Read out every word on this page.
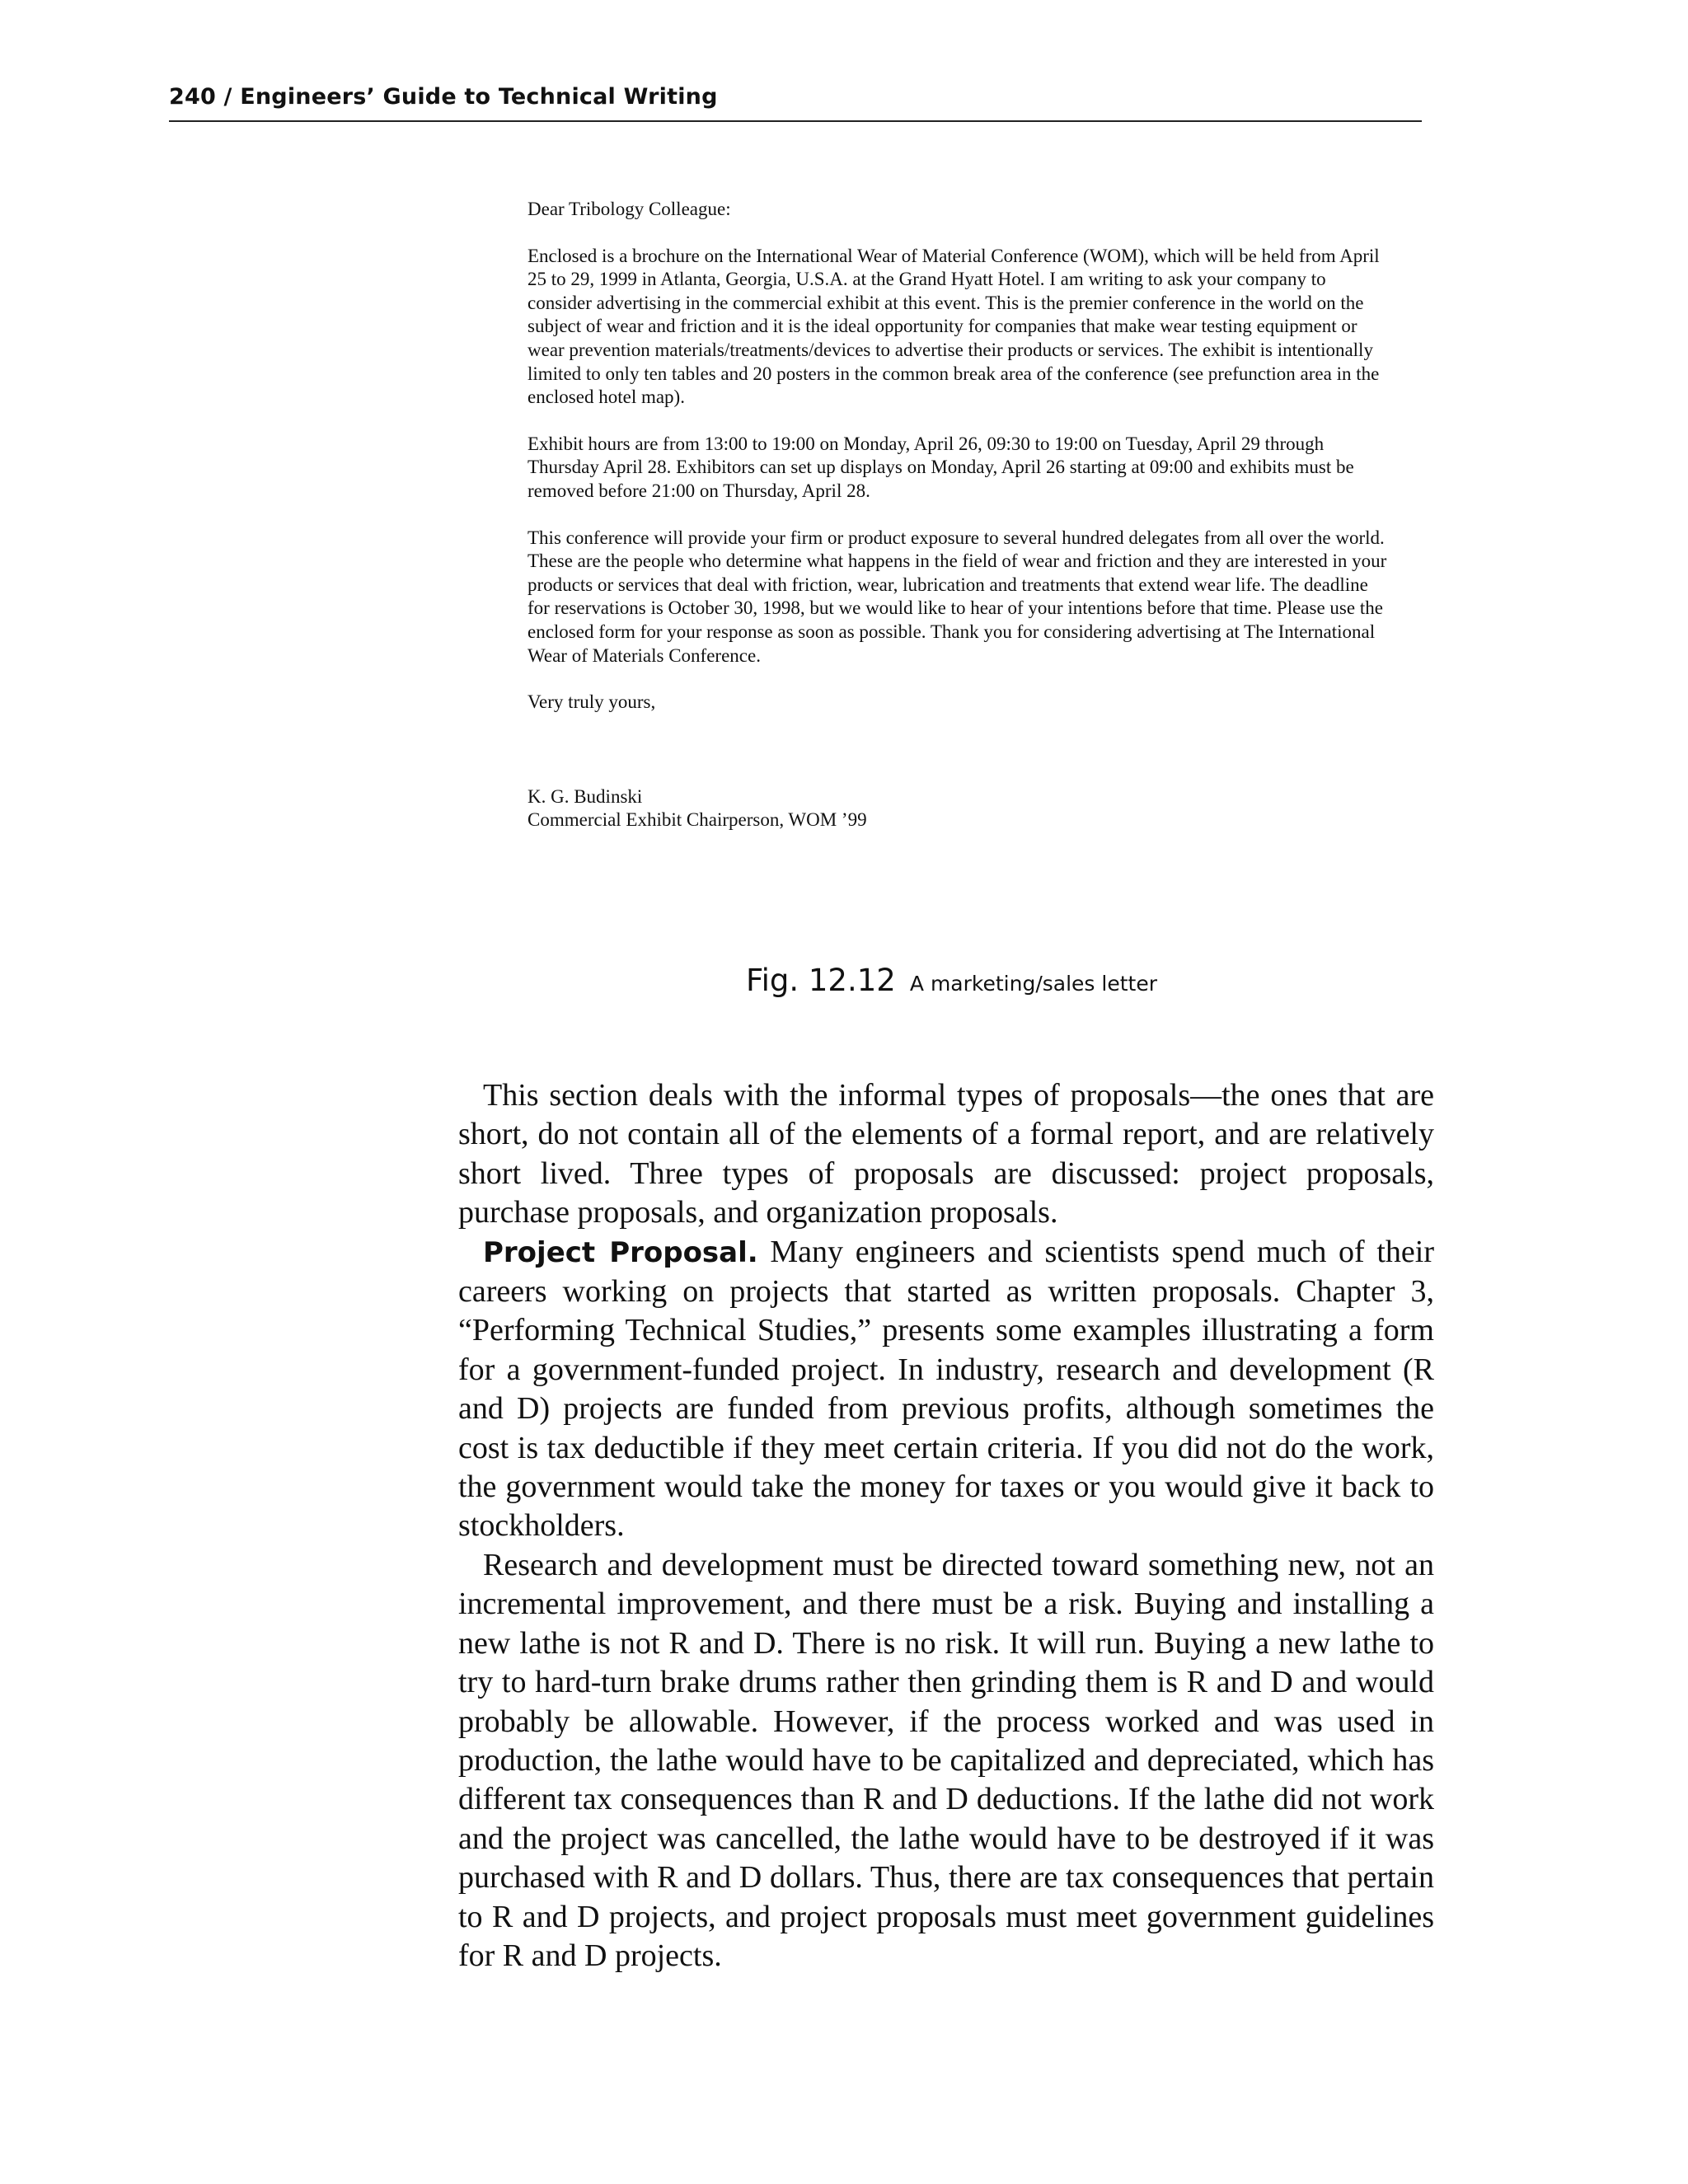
240 / Engineers’ Guide to Technical Writing

Dear Tribology Colleague:

Enclosed is a brochure on the International Wear of Material Conference (WOM), which will be held from April 25 to 29, 1999 in Atlanta, Georgia, U.S.A. at the Grand Hyatt Hotel. I am writing to ask your company to consider advertising in the commercial exhibit at this event. This is the premier conference in the world on the subject of wear and friction and it is the ideal opportunity for companies that make wear testing equipment or wear prevention materials/treatments/devices to advertise their products or services. The exhibit is intentionally limited to only ten tables and 20 posters in the common break area of the conference (see prefunction area in the enclosed hotel map).

Exhibit hours are from 13:00 to 19:00 on Monday, April 26, 09:30 to 19:00 on Tuesday, April 29 through Thursday April 28. Exhibitors can set up displays on Monday, April 26 starting at 09:00 and exhibits must be removed before 21:00 on Thursday, April 28.

This conference will provide your firm or product exposure to several hundred delegates from all over the world. These are the people who determine what happens in the field of wear and friction and they are interested in your products or services that deal with friction, wear, lubrication and treatments that extend wear life. The deadline for reservations is October 30, 1998, but we would like to hear of your intentions before that time. Please use the enclosed form for your response as soon as possible. Thank you for considering advertising at The International Wear of Materials Conference.

Very truly yours,

K. G. Budinski

Commercial Exhibit Chairperson, WOM ’99

Fig. 12.12 A marketing/sales letter

This section deals with the informal types of proposals—the ones that are short, do not contain all of the elements of a formal report, and are relatively short lived. Three types of proposals are discussed: project proposals, purchase proposals, and organization proposals.

Project Proposal. Many engineers and scientists spend much of their careers working on projects that started as written proposals. Chapter 3, “Performing Technical Studies,” presents some examples illustrating a form for a government-funded project. In industry, research and development (R and D) projects are funded from previous profits, although sometimes the cost is tax deductible if they meet certain criteria. If you did not do the work, the government would take the money for taxes or you would give it back to stockholders.

Research and development must be directed toward something new, not an incremental improvement, and there must be a risk. Buying and installing a new lathe is not R and D. There is no risk. It will run. Buying a new lathe to try to hard-turn brake drums rather then grinding them is R and D and would probably be allowable. However, if the process worked and was used in production, the lathe would have to be capitalized and depreciated, which has different tax consequences than R and D deductions. If the lathe did not work and the project was cancelled, the lathe would have to be destroyed if it was purchased with R and D dollars. Thus, there are tax consequences that pertain to R and D projects, and project proposals must meet government guidelines for R and D projects.
